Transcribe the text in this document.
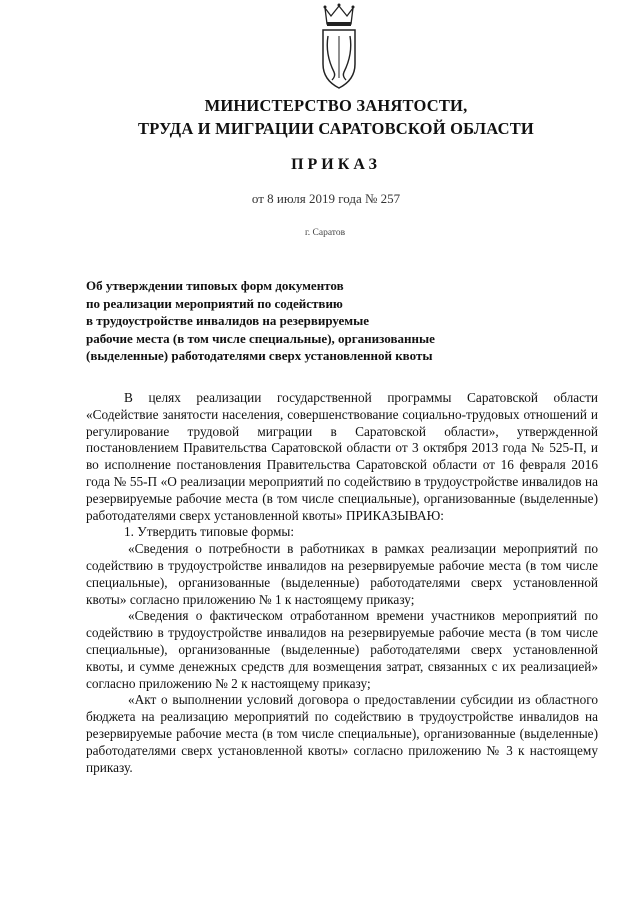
МИНИСТЕРСТВО ЗАНЯТОСТИ,
ТРУДА И МИГРАЦИИ САРАТОВСКОЙ ОБЛАСТИ
ПРИКАЗ
от 8 июля 2019 года № 257
г. Саратов
Об утверждении типовых форм документов
по реализации мероприятий по содействию
в трудоустройстве инвалидов на резервируемые
рабочие места (в том числе специальные), организованные
(выделенные) работодателями сверх установленной квоты

В целях реализации государственной программы Саратовской области «Содействие занятости населения, совершенствование социально-трудовых отношений и регулирование трудовой миграции в Саратовской области», утвержденной постановлением Правительства Саратовской области от 3 октября 2013 года № 525-П, и во исполнение постановления Правительства Саратовской области от 16 февраля 2016 года № 55-П «О реализации мероприятий по содействию в трудоустройстве инвалидов на резервируемые рабочие места (в том числе специальные), организованные (выделенные) работодателями сверх установленной квоты» ПРИКАЗЫВАЮ:

1. Утвердить типовые формы:

«Сведения о потребности в работниках в рамках реализации мероприятий по содействию в трудоустройстве инвалидов на резервируемые рабочие места (в том числе специальные), организованные (выделенные) работодателями сверх установленной квоты» согласно приложению № 1 к настоящему приказу;

«Сведения о фактическом отработанном времени участников мероприятий по содействию в трудоустройстве инвалидов на резервируемые рабочие места (в том числе специальные), организованные (выделенные) работодателями сверх установленной квоты, и сумме денежных средств для возмещения затрат, связанных с их реализацией» согласно приложению № 2 к настоящему приказу;

«Акт о выполнении условий договора о предоставлении субсидии из областного бюджета на реализацию мероприятий по содействию в трудоустройстве инвалидов на резервируемые рабочие места (в том числе специальные), организованные (выделенные) работодателями сверх установленной квоты» согласно приложению № 3 к настоящему приказу.
